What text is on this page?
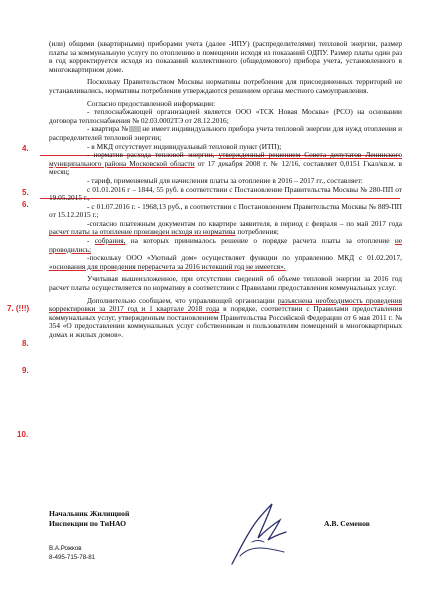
4.
5.
6.
7. (!!!)
8.
9.
10.

(или) общими (квартирными) приборами учета (далее -ИПУ) (распределителями) тепловой энергии, размер платы за коммунальную услугу по отоплению в помещении исходя из показаний ОДПУ. Размер платы один раз в год корректируется исходя из показаний коллективного (общедомового) прибора учета, установленного в многоквартирном доме.

Поскольку Правительством Москвы нормативы потребления для присоединенных территорий не устанавливались, нормативы потребления утверждаются решением органа местного самоуправления.

Согласно предоставленной информации:

- теплоснабжающей организацией является ООО «ТСК Новая Москва» (РСО) на основании договора теплоснабжения № 02.03.0002ТЭ от 28.12.2016;

- квартира № не имеет индивидуального прибора учета тепловой энергии для нужд отопления и распределителей тепловой энергии;

- в МКД отсутствует индивидуальный тепловой пункт (ИТП);

- норматив расхода тепловой энергии, утвержденный решением Совета депутатов Ленинского муниципального района Московской области от 17 декабря 2008 г. № 12/16, составляет 0,0151 Гкал/кв.м. в месяц;

- тариф, применяемый для начисления платы за отопление в 2016 – 2017 гг., составляет:

с 01.01.2016 г – 1844, 55 руб. в соответствии с Постановление Правительства Москвы № 280-ПП от 19.05.2015 г.,

- с 01.07.2016 г. - 1968,13 руб., в соответствии с Постановлением Правительства Москвы № 889-ПП от 15.12.2015 г.;

-согласно платежным документам по квартире заявителя, в период с февраля – по май 2017 года расчет платы за отопление произведен исходя из норматива потребления;

- собрания, на которых принималось решение о порядке расчета платы за отопление не проводились;

-поскольку ООО «Уютный дом» осуществляет функции по управлению МКД с 01.02.2017, «основания для проведения перерасчета за 2016 истекший год не имеется».

Учитывая вышеизложенное, при отсутствии сведений об объеме тепловой энергии за 2016 год расчет платы осуществляется по нормативу в соответствии с Правилами предоставления коммунальных услуг.

Дополнительно сообщаем, что управляющей организации разъяснена необходимость проведения корректировки за 2017 год и 1 квартале 2018 года в порядке, соответствии с Правилами предоставления коммунальных услуг, утвержденным постановлением Правительства Российской Федерации от 6 мая 2011 г. № 354 «О предоставлении коммунальных услуг собственникам и пользователям помещений в многоквартирных домах и жилых домов».

Начальник Жилищной
Инспекции по ТиНАО	А.В. Семенов
В.А.Рожков
8-495-715-78-81
